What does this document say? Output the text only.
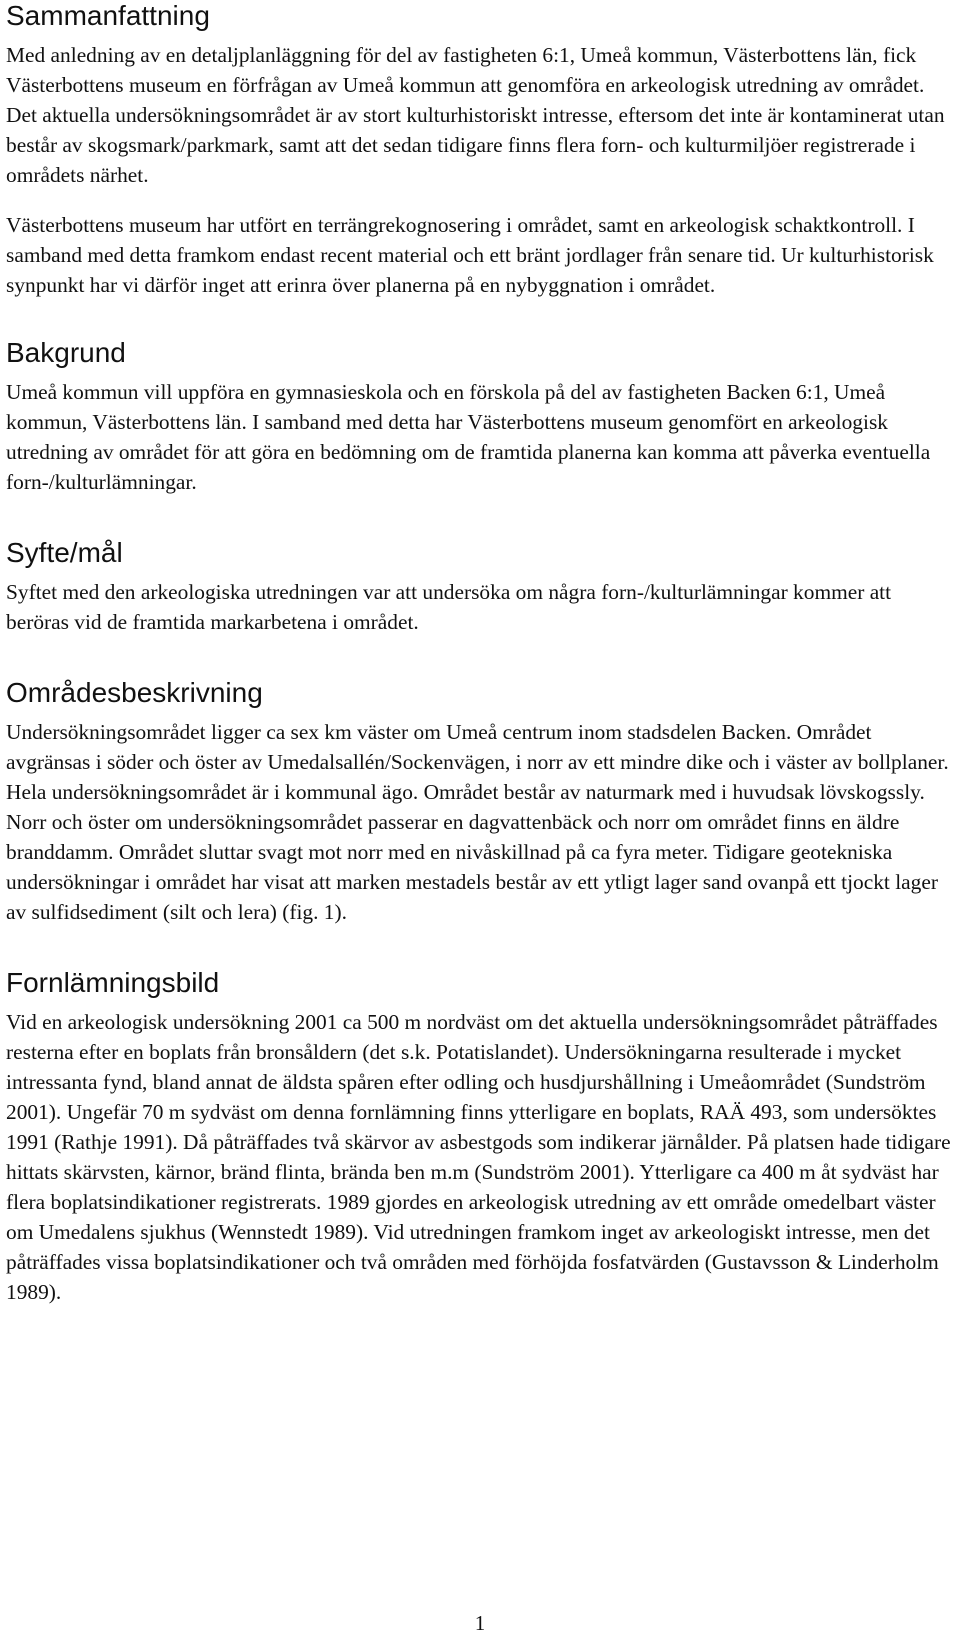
Sammanfattning

Med anledning av en detaljplanläggning för del av fastigheten 6:1, Umeå kommun, Västerbottens län, fick Västerbottens museum en förfrågan av Umeå kommun att genomföra en arkeologisk utredning av området. Det aktuella undersökningsområdet är av stort kulturhistoriskt intresse, eftersom det inte är kontaminerat utan består av skogsmark/parkmark, samt att det sedan tidigare finns flera forn- och kulturmiljöer registrerade i områdets närhet.

Västerbottens museum har utfört en terrängrekognosering i området, samt en arkeologisk schaktkontroll. I samband med detta framkom endast recent material och ett bränt jordlager från senare tid. Ur kulturhistorisk synpunkt har vi därför inget att erinra över planerna på en nybyggnation i området.

Bakgrund

Umeå kommun vill uppföra en gymnasieskola och en förskola på del av fastigheten Backen 6:1, Umeå kommun, Västerbottens län. I samband med detta har Västerbottens museum genomfört en arkeologisk utredning av området för att göra en bedömning om de framtida planerna kan komma att påverka eventuella forn-/kulturlämningar.

Syfte/mål

Syftet med den arkeologiska utredningen var att undersöka om några forn-/kulturlämningar kommer att beröras vid de framtida markarbetena i området.

Områdesbeskrivning

Undersökningsområdet ligger ca sex km väster om Umeå centrum inom stadsdelen Backen. Området avgränsas i söder och öster av Umedalsallén/Sockenvägen, i norr av ett mindre dike och i väster av bollplaner. Hela undersökningsområdet är i kommunal ägo. Området består av naturmark med i huvudsak lövskogssly. Norr och öster om undersökningsområdet passerar en dagvattenbäck och norr om området finns en äldre branddamm. Området sluttar svagt mot norr med en nivåskillnad på ca fyra meter. Tidigare geotekniska undersökningar i området har visat att marken mestadels består av ett ytligt lager sand ovanpå ett tjockt lager av sulfidsediment (silt och lera) (fig. 1).

Fornlämningsbild

Vid en arkeologisk undersökning 2001 ca 500 m nordväst om det aktuella undersökningsområdet påträffades resterna efter en boplats från bronsåldern (det s.k. Potatislandet). Undersökningarna resulterade i mycket intressanta fynd, bland annat de äldsta spåren efter odling och husdjurshållning i Umeåområdet (Sundström 2001). Ungefär 70 m sydväst om denna fornlämning finns ytterligare en boplats, RAÄ 493, som undersöktes 1991 (Rathje 1991). Då påträffades två skärvor av asbestgods som indikerar järnålder. På platsen hade tidigare hittats skärvsten, kärnor, bränd flinta, brända ben m.m (Sundström 2001). Ytterligare ca 400 m åt sydväst har flera boplatsindikationer registrerats. 1989 gjordes en arkeologisk utredning av ett område omedelbart väster om Umedalens sjukhus (Wennstedt 1989). Vid utredningen framkom inget av arkeologiskt intresse, men det påträffades vissa boplatsindikationer och två områden med förhöjda fosfatvärden (Gustavsson & Linderholm 1989).

1
